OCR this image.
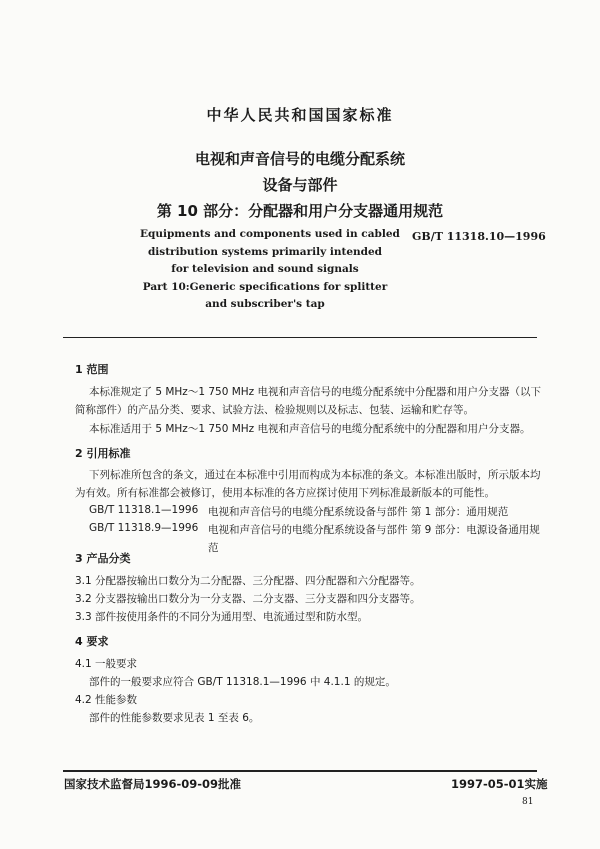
中华人民共和国国家标准
电视和声音信号的电缆分配系统
设备与部件
第 10 部分：分配器和用户分支器通用规范
Equipments and components used in cabled
distribution systems primarily intended
for television and sound signals
Part 10:Generic specifications for splitter
and subscriber's tap
GB/T 11318.10—1996
1 范围
本标准规定了 5 MHz～1 750 MHz 电视和声音信号的电缆分配系统中分配器和用户分支器（以下
简称部件）的产品分类、要求、试验方法、检验规则以及标志、包装、运输和贮存等。
本标准适用于 5 MHz～1 750 MHz 电视和声音信号的电缆分配系统中的分配器和用户分支器。
2 引用标准
下列标准所包含的条文，通过在本标准中引用而构成为本标准的条文。本标准出版时，所示版本均
为有效。所有标准都会被修订，使用本标准的各方应探讨使用下列标准最新版本的可能性。
GB/T 11318.1—1996 电视和声音信号的电缆分配系统设备与部件 第 1 部分：通用规范
GB/T 11318.9—1996 电视和声音信号的电缆分配系统设备与部件 第 9 部分：电源设备通用规
范
3 产品分类
3.1 分配器按输出口数分为二分配器、三分配器、四分配器和六分配器等。
3.2 分支器按输出口数分为一分支器、二分支器、三分支器和四分支器等。
3.3 部件按使用条件的不同分为通用型、电流通过型和防水型。
4 要求
4.1 一般要求
部件的一般要求应符合 GB/T 11318.1—1996 中 4.1.1 的规定。
4.2 性能参数
部件的性能参数要求见表 1 至表 6。
国家技术监督局1996-09-09批准	1997-05-01实施
81
